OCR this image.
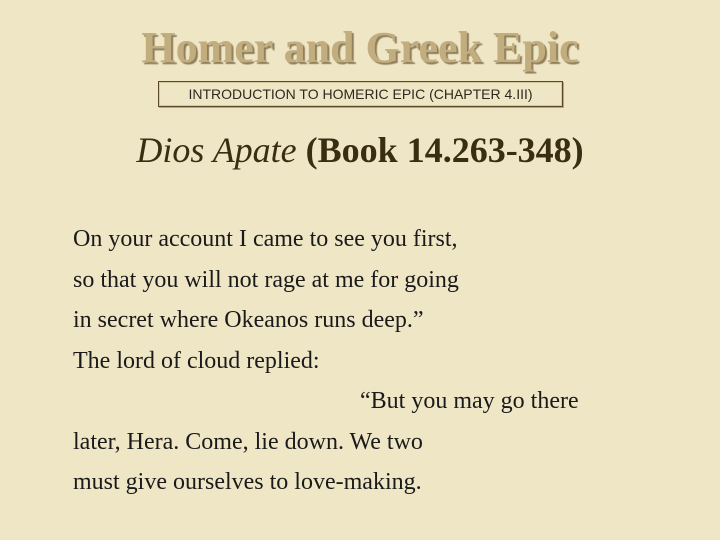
Homer and Greek Epic
INTRODUCTION TO HOMERIC EPIC (CHAPTER 4.III)
Dios Apate (Book 14.263-348)
On your account I came to see you first,
so that you will not rage at me for going
in secret where Okeanos runs deep.”
The lord of cloud replied:
“But you may go there
later, Hera. Come, lie down. We two
must give ourselves to love-making.
